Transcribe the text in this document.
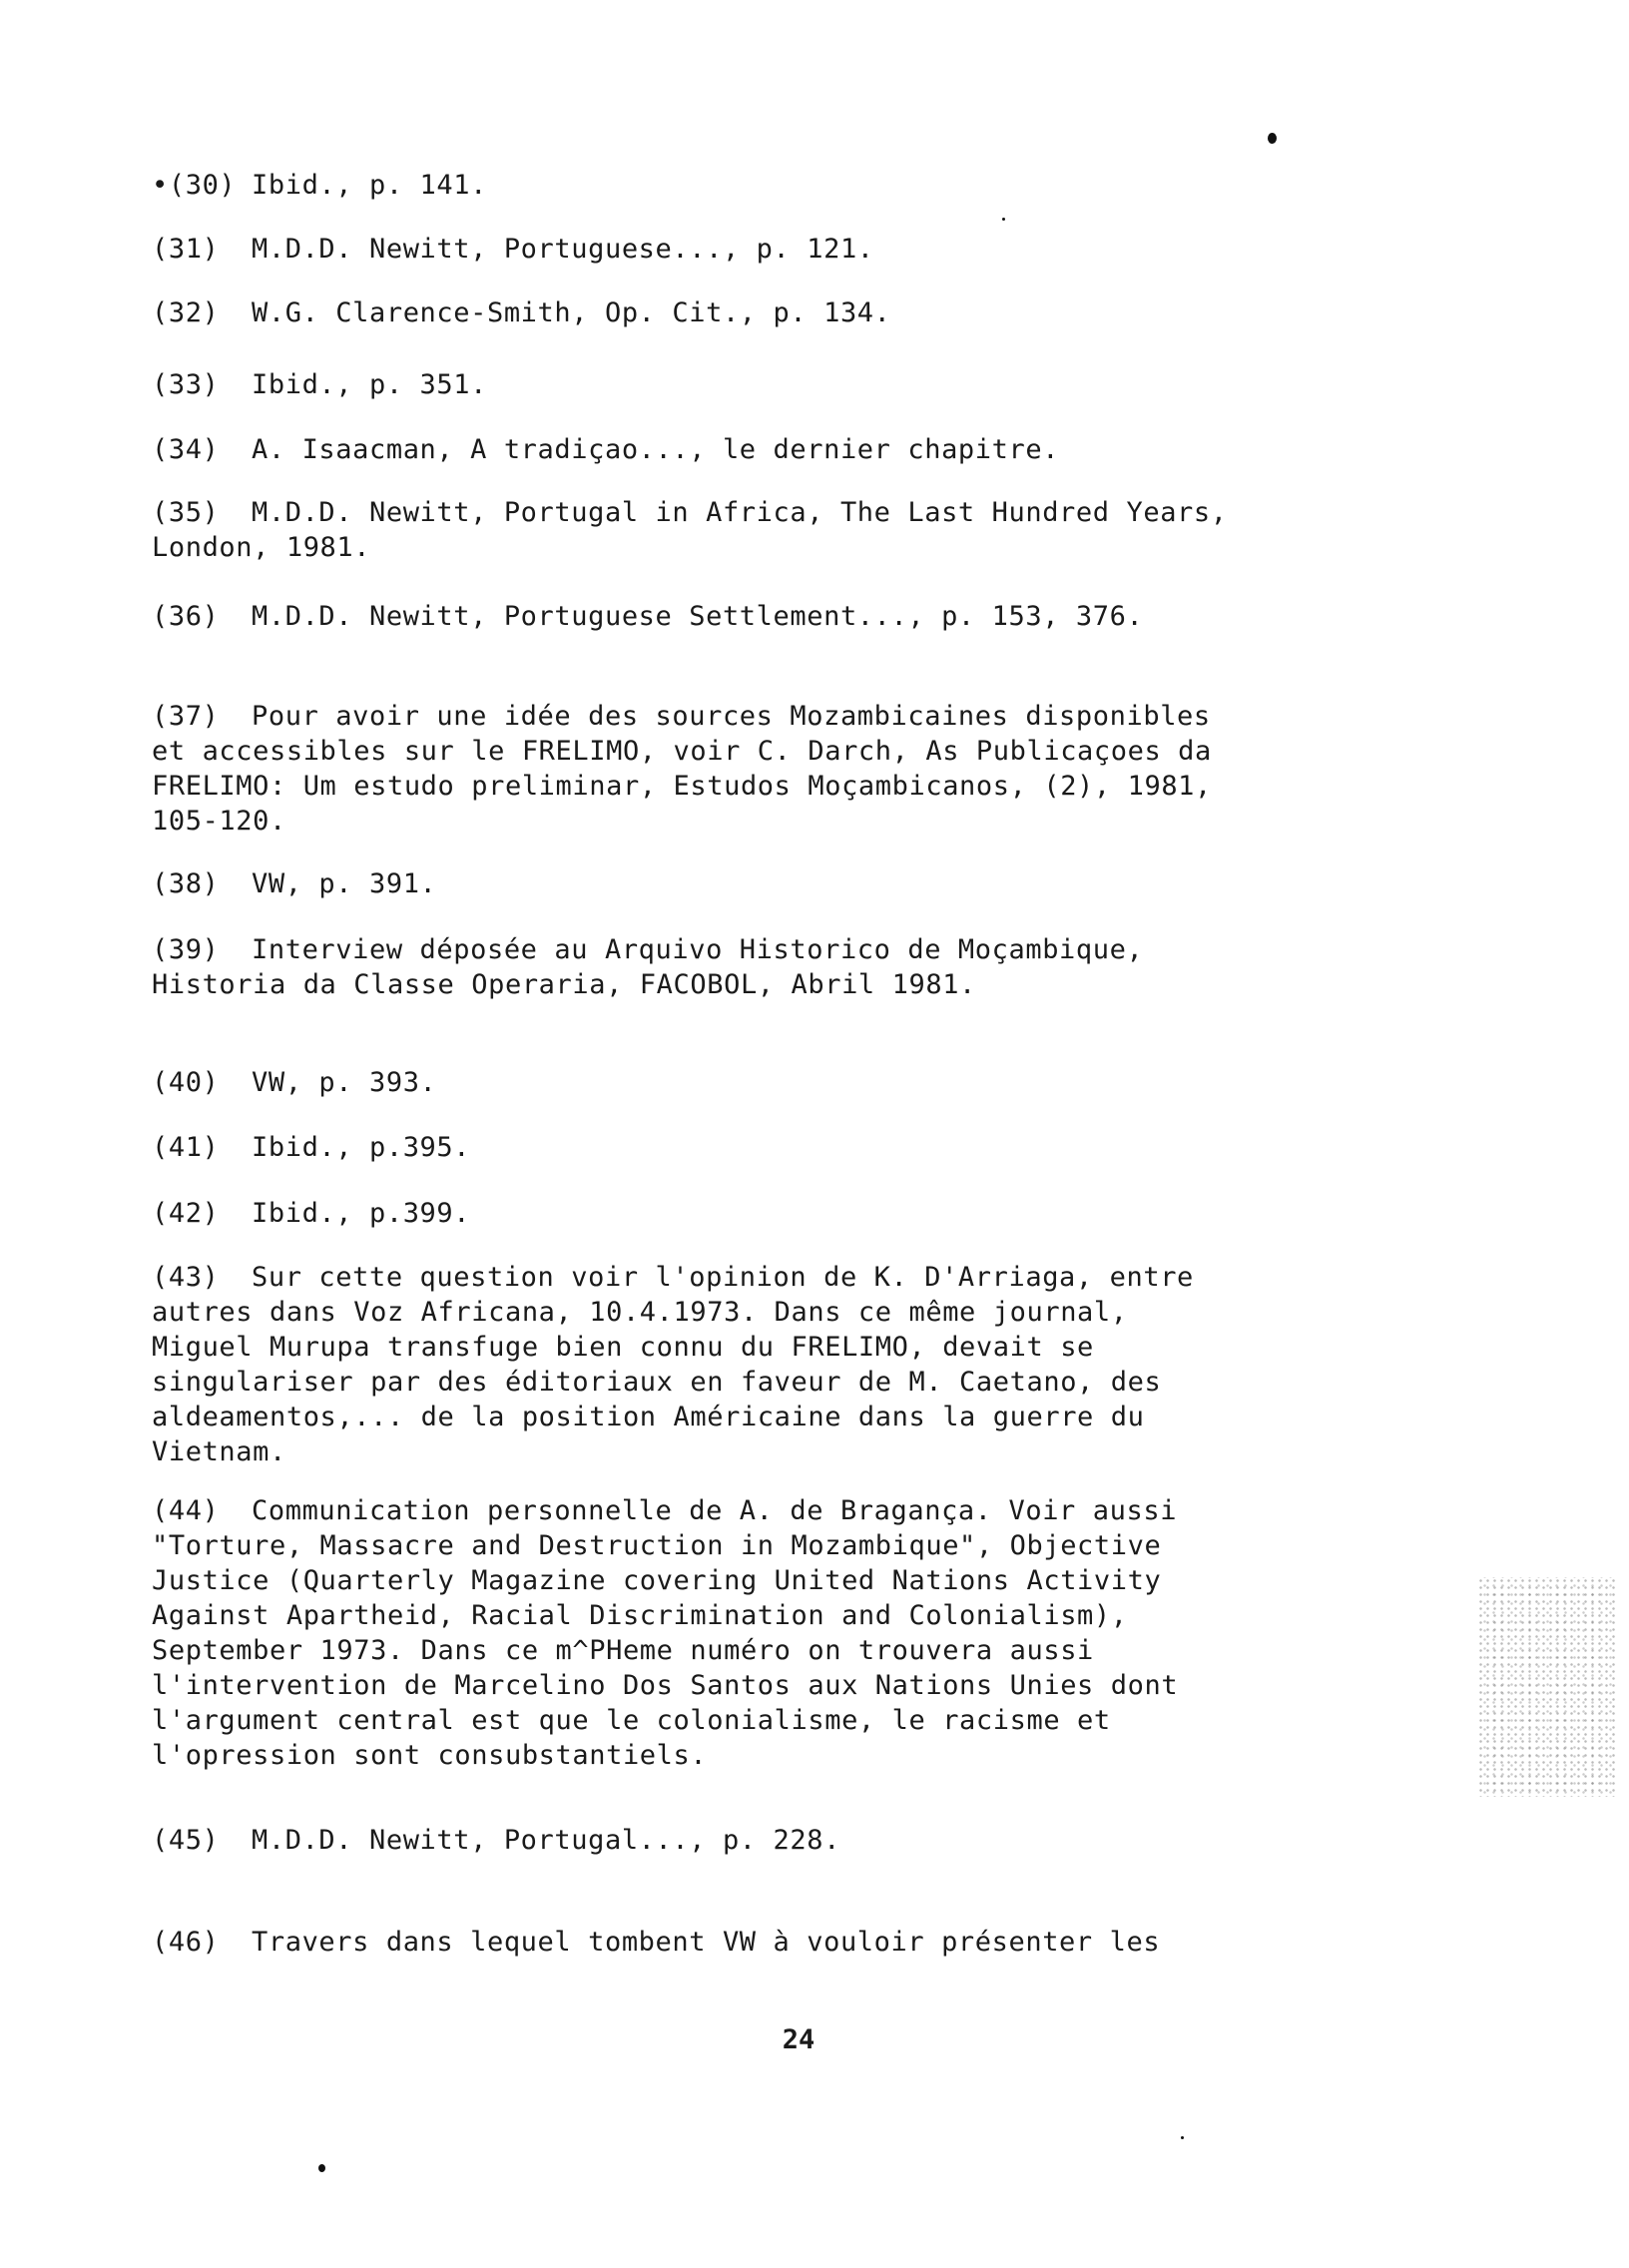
•(30) Ibid., p. 141.
(31) M.D.D. Newitt, Portuguese..., p. 121.
(32) W.G. Clarence-Smith, Op. Cit., p. 134.
(33) Ibid., p. 351.
(34) A. Isaacman, A tradiçao..., le dernier chapitre.
(35) M.D.D. Newitt, Portugal in Africa, The Last Hundred Years,
London, 1981.
(36) M.D.D. Newitt, Portuguese Settlement..., p. 153, 376.
(37) Pour avoir une idée des sources Mozambicaines disponibles
et accessibles sur le FRELIMO, voir C. Darch, As Publicaçoes da
FRELIMO: Um estudo preliminar, Estudos Moçambicanos, (2), 1981,
105-120.
(38) VW, p. 391.
(39) Interview déposée au Arquivo Historico de Moçambique,
Historia da Classe Operaria, FACOBOL, Abril 1981.
(40) VW, p. 393.
(41) Ibid., p.395.
(42) Ibid., p.399.
(43) Sur cette question voir l'opinion de K. D'Arriaga, entre
autres dans Voz Africana, 10.4.1973. Dans ce même journal,
Miguel Murupa transfuge bien connu du FRELIMO, devait se
singulariser par des éditoriaux en faveur de M. Caetano, des
aldeamentos,... de la position Américaine dans la guerre du
Vietnam.
(44) Communication personnelle de A. de Bragança. Voir aussi
"Torture, Massacre and Destruction in Mozambique", Objective
Justice (Quarterly Magazine covering United Nations Activity
Against Apartheid, Racial Discrimination and Colonialism),
September 1973. Dans ce m^PHeme numéro on trouvera aussi
l'intervention de Marcelino Dos Santos aux Nations Unies dont
l'argument central est que le colonialisme, le racisme et
l'opression sont consubstantiels.
(45) M.D.D. Newitt, Portugal..., p. 228.
(46) Travers dans lequel tombent VW à vouloir présenter les
24
